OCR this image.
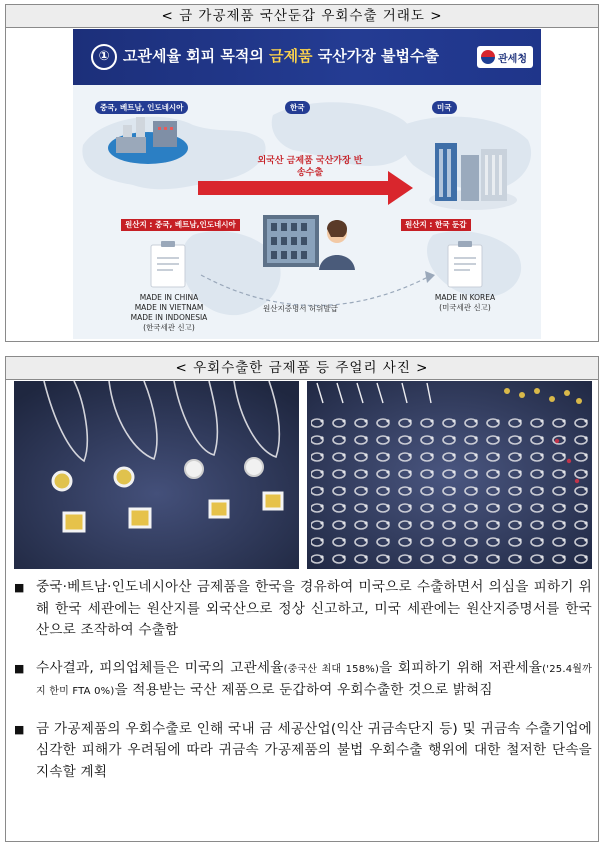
< 금 가공제품 국산둔갑 우회수출 거래도 >
① 고관세율 회피 목적의 금제품 국산가장 불법수출	관세청
중국, 베트남, 인도네시아	한국	미국
외국산 금제품 국산가장 반송수출
원산지 : 중국, 베트남,인도네시아	원산지 : 한국 둔갑
원산지증명서 허위발급
MADE IN CHINA
MADE IN VIETNAM
MADE IN INDONESIA
(한국세관 신고)
MADE IN KOREA
(미국세관 신고)
< 우회수출한 금제품 등 주얼리 사진 >
■ 중국·베트남·인도네시아산 금제품을 한국을 경유하여 미국으로 수출하면서 의심을 피하기 위해 한국 세관에는 원산지를 외국산으로 정상 신고하고, 미국 세관에는 원산지증명서를 한국산으로 조작하여 수출함
■ 수사결과, 피의업체들은 미국의 고관세율(중국산 최대 158%)을 회피하기 위해 저관세율('25.4월까지 한미 FTA 0%)을 적용받는 국산 제품으로 둔갑하여 우회수출한 것으로 밝혀짐
■ 금 가공제품의 우회수출로 인해 국내 금 세공산업(익산 귀금속단지 등) 및 귀금속 수출기업에 심각한 피해가 우려됨에 따라 귀금속 가공제품의 불법 우회수출 행위에 대한 철저한 단속을 지속할 계획
